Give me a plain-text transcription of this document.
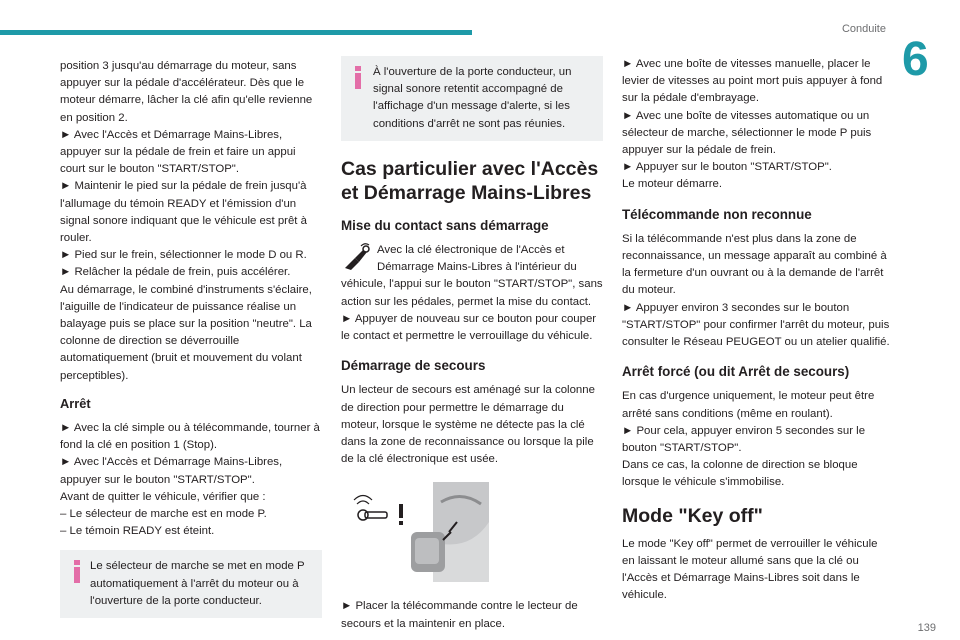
Conduite
6
139

position 3 jusqu'au démarrage du moteur, sans appuyer sur la pédale d'accélérateur. Dès que le moteur démarre, lâcher la clé afin qu'elle revienne en position 2.

► Avec l'Accès et Démarrage Mains-Libres, appuyer sur la pédale de frein et faire un appui court sur le bouton "START/STOP".

► Maintenir le pied sur la pédale de frein jusqu'à l'allumage du témoin READY et l'émission d'un signal sonore indiquant que le véhicule est prêt à rouler.

► Pied sur le frein, sélectionner le mode D ou R.

► Relâcher la pédale de frein, puis accélérer.

Au démarrage, le combiné d'instruments s'éclaire, l'aiguille de l'indicateur de puissance réalise un balayage puis se place sur la position "neutre". La colonne de direction se déverrouille automatiquement (bruit et mouvement du volant perceptibles).

Arrêt

► Avec la clé simple ou à télécommande, tourner à fond la clé en position 1 (Stop).

► Avec l'Accès et Démarrage Mains-Libres, appuyer sur le bouton "START/STOP".

Avant de quitter le véhicule, vérifier que :

– Le sélecteur de marche est en mode P.

– Le témoin READY est éteint.

Le sélecteur de marche se met en mode P automatiquement à l'arrêt du moteur ou à l'ouverture de la porte conducteur.

À l'ouverture de la porte conducteur, un signal sonore retentit accompagné de l'affichage d'un message d'alerte, si les conditions d'arrêt ne sont pas réunies.

Cas particulier avec l'Accès et Démarrage Mains-Libres

Mise du contact sans démarrage

Avec la clé électronique de l'Accès et Démarrage Mains-Libres à l'intérieur du véhicule, l'appui sur le bouton "START/STOP", sans action sur les pédales, permet la mise du contact.

► Appuyer de nouveau sur ce bouton pour couper le contact et permettre le verrouillage du véhicule.

Démarrage de secours

Un lecteur de secours est aménagé sur la colonne de direction pour permettre le démarrage du moteur, lorsque le système ne détecte pas la clé dans la zone de reconnaissance ou lorsque la pile de la clé électronique est usée.

► Placer la télécommande contre le lecteur de secours et la maintenir en place.

► Avec une boîte de vitesses manuelle, placer le levier de vitesses au point mort puis appuyer à fond sur la pédale d'embrayage.

► Avec une boîte de vitesses automatique ou un sélecteur de marche, sélectionner le mode P puis appuyer sur la pédale de frein.

► Appuyer sur le bouton "START/STOP".

Le moteur démarre.

Télécommande non reconnue

Si la télécommande n'est plus dans la zone de reconnaissance, un message apparaît au combiné à la fermeture d'un ouvrant ou à la demande de l'arrêt du moteur.

► Appuyer environ 3 secondes sur le bouton "START/STOP" pour confirmer l'arrêt du moteur, puis consulter le Réseau PEUGEOT ou un atelier qualifié.

Arrêt forcé (ou dit Arrêt de secours)

En cas d'urgence uniquement, le moteur peut être arrêté sans conditions (même en roulant).

► Pour cela, appuyer environ 5 secondes sur le bouton "START/STOP".

Dans ce cas, la colonne de direction se bloque lorsque le véhicule s'immobilise.

Mode "Key off"

Le mode "Key off" permet de verrouiller le véhicule en laissant le moteur allumé sans que la clé ou l'Accès et Démarrage Mains-Libres soit dans le véhicule.
